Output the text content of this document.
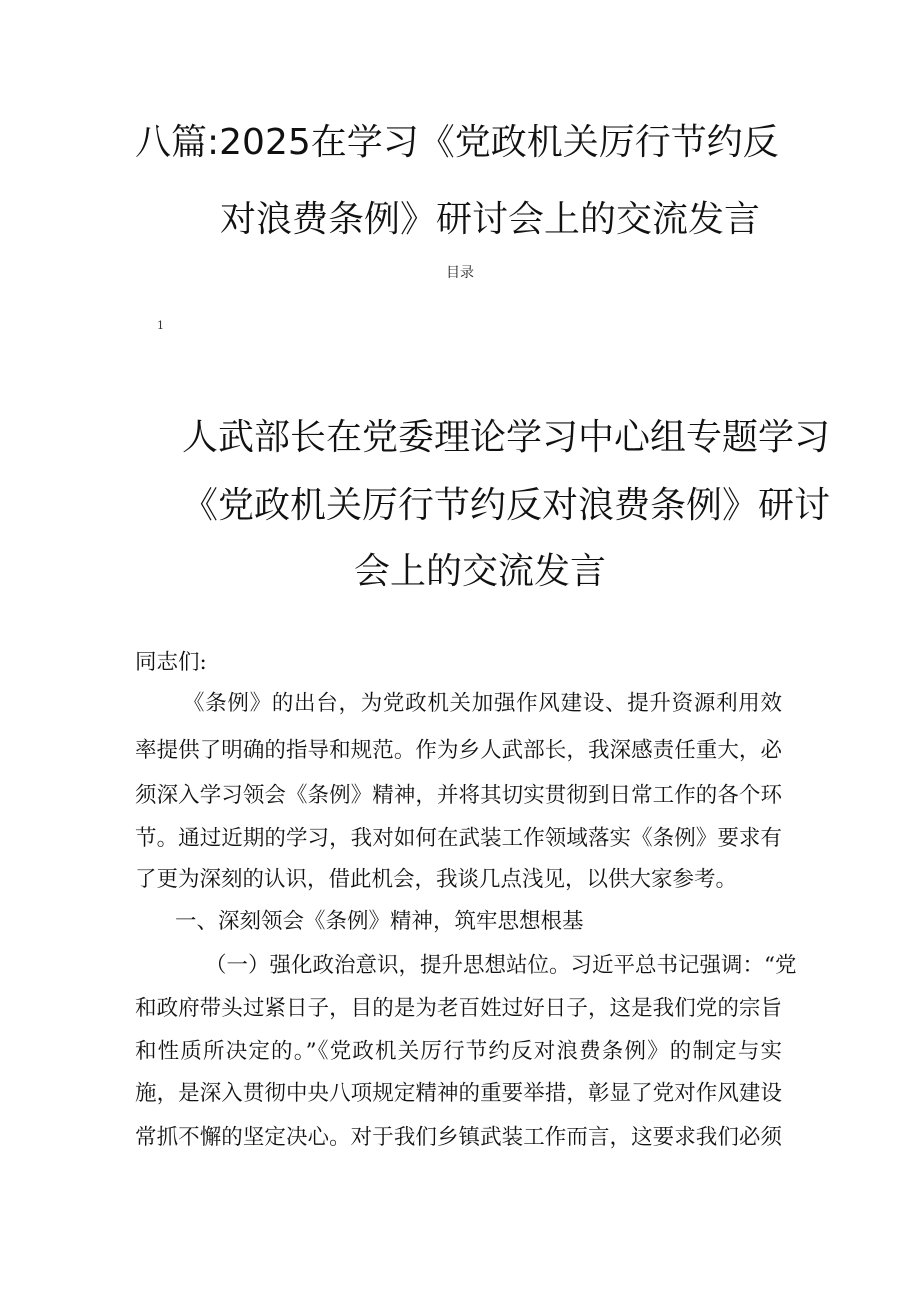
八篇:2025在学习《党政机关厉行节约反
对浪费条例》研讨会上的交流发言
目录
1
人武部长在党委理论学习中心组专题学习
《党政机关厉行节约反对浪费条例》研讨
会上的交流发言
同志们:
《条例》的出台，为党政机关加强作风建设、提升资源利用效
率提供了明确的指导和规范。作为乡人武部长，我深感责任重大，必
须深入学习领会《条例》精神，并将其切实贯彻到日常工作的各个环
节。通过近期的学习，我对如何在武装工作领域落实《条例》要求有
了更为深刻的认识，借此机会，我谈几点浅见，以供大家参考。
一、深刻领会《条例》精神，筑牢思想根基
（一）强化政治意识，提升思想站位。习近平总书记强调：“党
和政府带头过紧日子，目的是为老百姓过好日子，这是我们党的宗旨
和性质所决定的。”《党政机关厉行节约反对浪费条例》的制定与实
施，是深入贯彻中央八项规定精神的重要举措，彰显了党对作风建设
常抓不懈的坚定决心。对于我们乡镇武装工作而言，这要求我们必须
